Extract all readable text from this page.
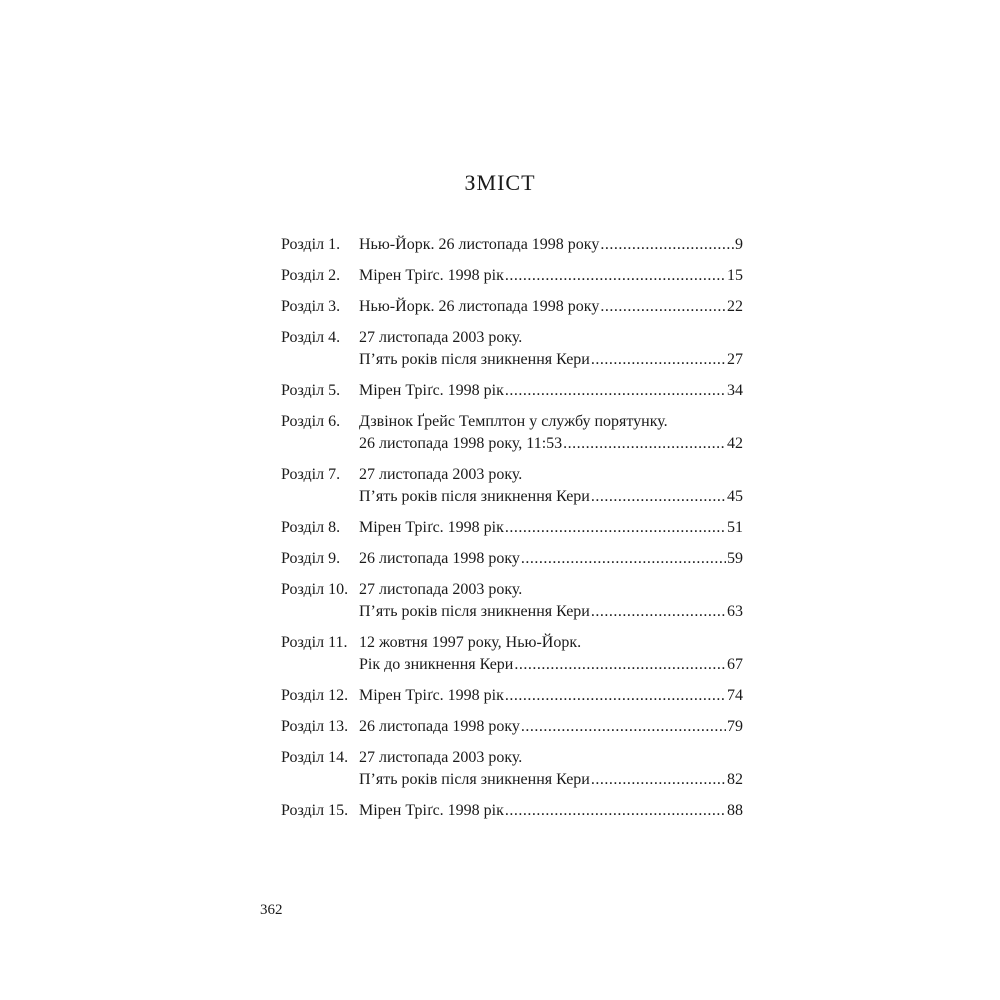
ЗМІСТ
Розділ 1.	Нью-Йорк. 26 листопада 1998 року .....	9
Розділ 2.	Мірен Тріґс. 1998 рік .....	15
Розділ 3.	Нью-Йорк. 26 листопада 1998 року .....	22
Розділ 4.	27 листопада 2003 року.
П’ять років після зникнення Кери .....	27
Розділ 5.	Мірен Тріґс. 1998 рік .....	34
Розділ 6.	Дзвінок Ґрейс Темплтон у службу порятунку.
26 листопада 1998 року, 11:53 .....	42
Розділ 7.	27 листопада 2003 року.
П’ять років після зникнення Кери .....	45
Розділ 8.	Мірен Тріґс. 1998 рік .....	51
Розділ 9.	26 листопада 1998 року .....	59
Розділ 10. 27 листопада 2003 року.
П’ять років після зникнення Кери .....	63
Розділ 11. 12 жовтня 1997 року, Нью-Йорк.
Рік до зникнення Кери .....	67
Розділ 12. Мірен Тріґс. 1998 рік .....	74
Розділ 13. 26 листопада 1998 року .....	79
Розділ 14. 27 листопада 2003 року.
П’ять років після зникнення Кери .....	82
Розділ 15. Мірен Тріґс. 1998 рік .....	88
362
